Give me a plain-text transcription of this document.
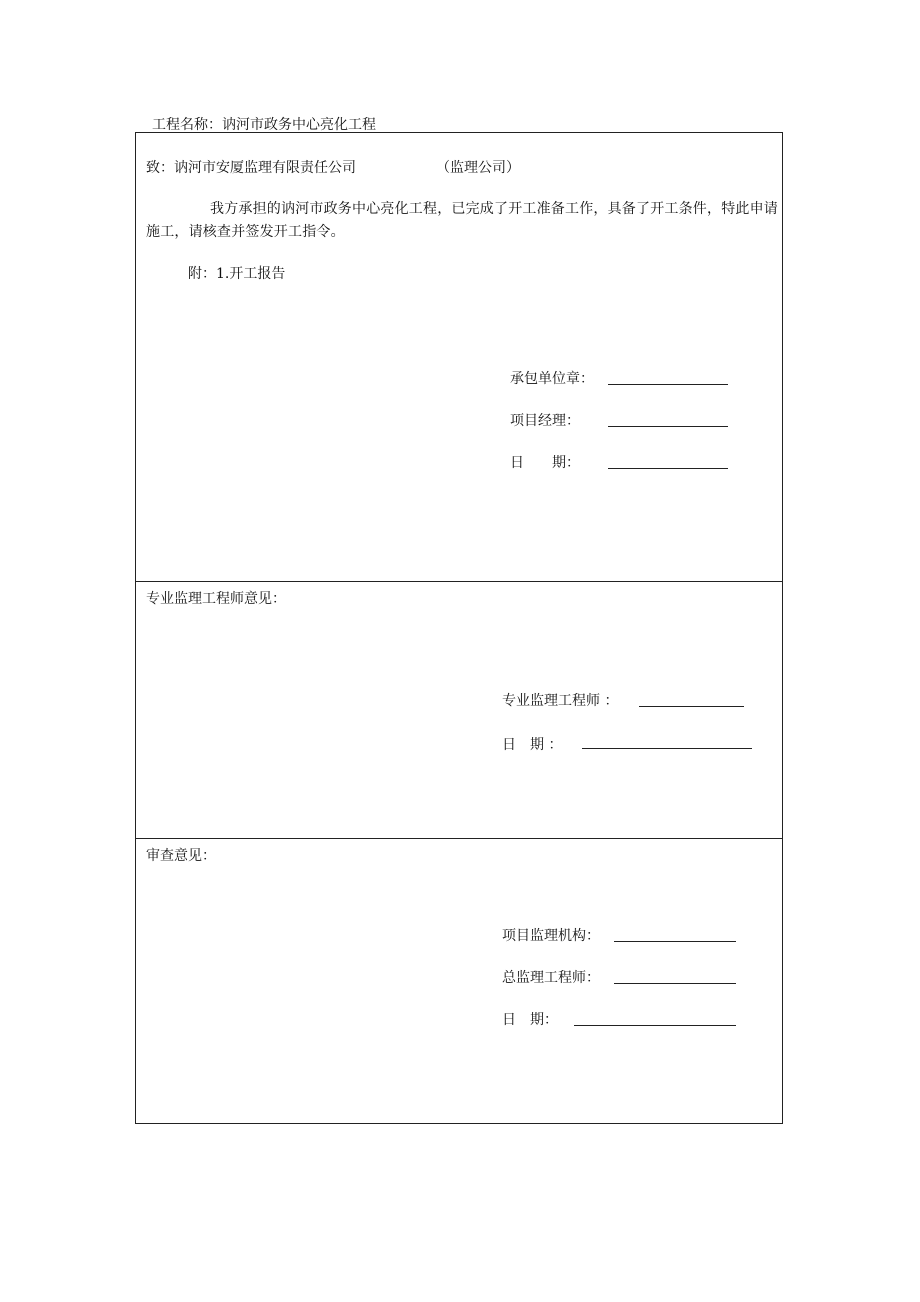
工程名称：讷河市政务中心亮化工程
致：讷河市安厦监理有限责任公司	（监理公司）
我方承担的讷河市政务中心亮化工程，已完成了开工准备工作，具备了开工条件，特此申请施工，请核查并签发开工指令。
附：1.开工报告
承包单位章：
项目经理：
日　　期：
专业监理工程师意见：
专业监理工程师 ：
日　期 ：
审查意见：
项目监理机构：
总监理工程师：
日　期：
